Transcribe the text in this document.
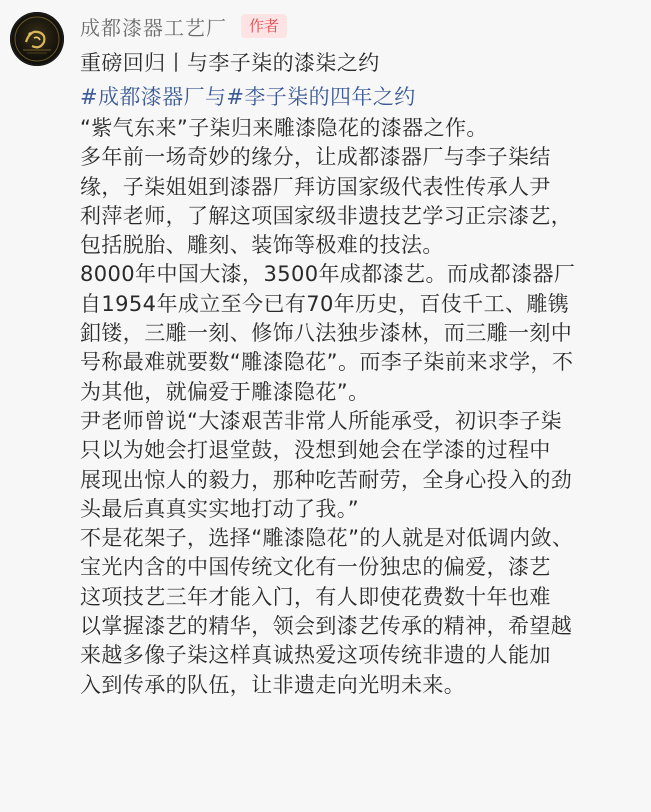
成都漆器工艺厂	作者
重磅回归丨与李子柒的漆柒之约
#成都漆器厂与#李子柒的四年之约
“紫气东来”子柒归来雕漆隐花的漆器之作。
多年前一场奇妙的缘分，让成都漆器厂与李子柒结
缘，子柒姐姐到漆器厂拜访国家级代表性传承人尹
利萍老师，了解这项国家级非遗技艺学习正宗漆艺，
包括脱胎、雕刻、装饰等极难的技法。
8000年中国大漆，3500年成都漆艺。而成都漆器厂
自1954年成立至今已有70年历史，百伎千工、雕镌
釦镂，三雕一刻、修饰八法独步漆林，而三雕一刻中
号称最难就要数“雕漆隐花”。而李子柒前来求学，不
为其他，就偏爱于雕漆隐花”。
尹老师曾说“大漆艰苦非常人所能承受，初识李子柒
只以为她会打退堂鼓，没想到她会在学漆的过程中
展现出惊人的毅力，那种吃苦耐劳，全身心投入的劲
头最后真真实实地打动了我。”
不是花架子，选择“雕漆隐花”的人就是对低调内敛、
宝光内含的中国传统文化有一份独忠的偏爱，漆艺
这项技艺三年才能入门，有人即使花费数十年也难
以掌握漆艺的精华，领会到漆艺传承的精神，希望越
来越多像子柒这样真诚热爱这项传统非遗的人能加
入到传承的队伍，让非遗走向光明未来。
